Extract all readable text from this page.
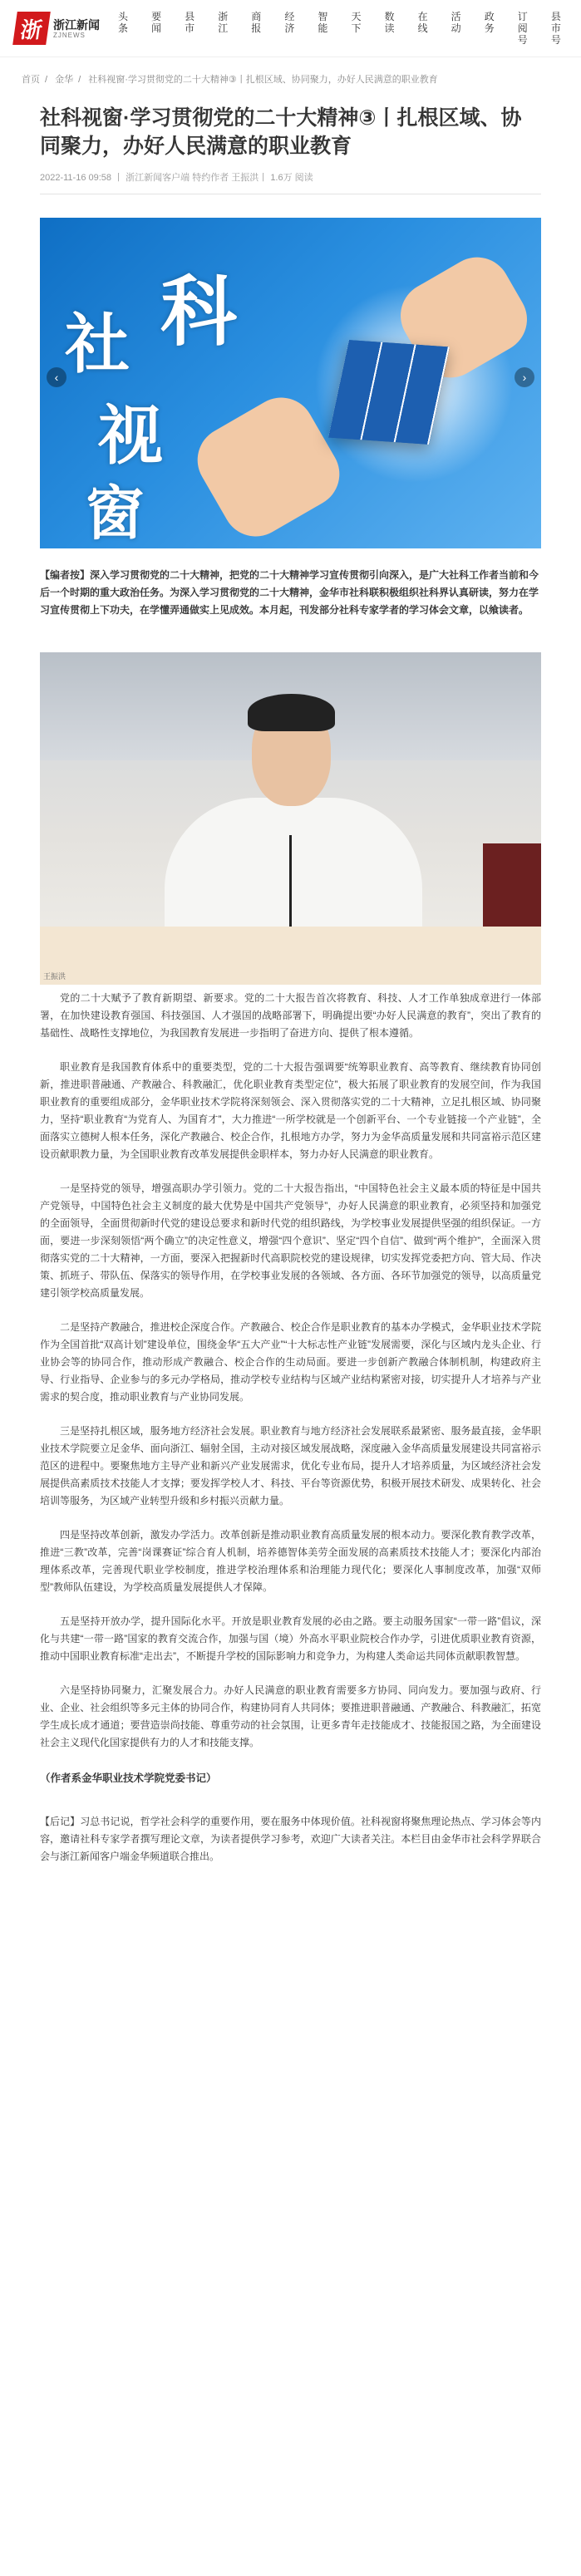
浙 浙江新闻
ZJNEWS
头条
要闻
县市
浙江
商报
经济
智能
天下
数读
在线
活动
政务
订阅号
县市号
首页 / 金华 / 社科视窗·学习贯彻党的二十大精神③丨扎根区域、协同聚力，办好人民满意的职业教育
社科视窗·学习贯彻党的二十大精神③丨扎根区域、协同聚力，办好人民满意的职业教育
2022-11-16 09:58 丨 浙江新闻客户端 特约作者 王振洪丨 1.6万 阅读
社 科
视
窗
‹	›
【编者按】深入学习贯彻党的二十大精神，把党的二十大精神学习宣传贯彻引向深入，是广大社科工作者当前和今后一个时期的重大政治任务。为深入学习贯彻党的二十大精神，金华市社科联积极组织社科界认真研读，努力在学习宣传贯彻上下功夫，在学懂弄通做实上见成效。本月起，刊发部分社科专家学者的学习体会文章，以飨读者。
王振洪
党的二十大赋予了教育新期望、新要求。党的二十大报告首次将教育、科技、人才工作单独成章进行一体部署，在加快建设教育强国、科技强国、人才强国的战略部署下，明确提出要“办好人民满意的教育”，突出了教育的基础性、战略性支撑地位，为我国教育发展进一步指明了奋进方向、提供了根本遵循。
职业教育是我国教育体系中的重要类型，党的二十大报告强调要“统筹职业教育、高等教育、继续教育协同创新，推进职普融通、产教融合、科教融汇，优化职业教育类型定位”，极大拓展了职业教育的发展空间，作为我国职业教育的重要组成部分，金华职业技术学院将深刻领会、深入贯彻落实党的二十大精神，立足扎根区域、协同聚力，坚持“职业教育“为党育人、为国育才”，大力推进“一所学校就是一个创新平台、一个专业链接一个产业链”，全面落实立德树人根本任务，深化产教融合、校企合作，扎根地方办学，努力为金华高质量发展和共同富裕示范区建设贡献职教力量，为全国职业教育改革发展提供金职样本，努力办好人民满意的职业教育。
一是坚持党的领导，增强高职办学引领力。党的二十大报告指出，“中国特色社会主义最本质的特征是中国共产党领导，中国特色社会主义制度的最大优势是中国共产党领导”，办好人民满意的职业教育，必须坚持和加强党的全面领导，全面贯彻新时代党的建设总要求和新时代党的组织路线，为学校事业发展提供坚强的组织保证。一方面，要进一步深刻领悟“两个确立”的决定性意义，增强“四个意识”、坚定“四个自信”、做到“两个维护”，全面深入贯彻落实党的二十大精神，一方面，要深入把握新时代高职院校党的建设规律，切实发挥党委把方向、管大局、作决策、抓班子、带队伍、保落实的领导作用，在学校事业发展的各领域、各方面、各环节加强党的领导，以高质量党建引领学校高质量发展。
二是坚持产教融合，推进校企深度合作。产教融合、校企合作是职业教育的基本办学模式，金华职业技术学院作为全国首批“双高计划”建设单位，围绕金华“五大产业”“十大标志性产业链”发展需要，深化与区域内龙头企业、行业协会等的协同合作，推动形成产教融合、校企合作的生动局面。要进一步创新产教融合体制机制，构建政府主导、行业指导、企业参与的多元办学格局，推动学校专业结构与区域产业结构紧密对接，切实提升人才培养与产业需求的契合度，推动职业教育与产业协同发展。
三是坚持扎根区域，服务地方经济社会发展。职业教育与地方经济社会发展联系最紧密、服务最直接，金华职业技术学院要立足金华、面向浙江、辐射全国，主动对接区域发展战略，深度融入金华高质量发展建设共同富裕示范区的进程中。要聚焦地方主导产业和新兴产业发展需求，优化专业布局，提升人才培养质量，为区域经济社会发展提供高素质技术技能人才支撑；要发挥学校人才、科技、平台等资源优势，积极开展技术研发、成果转化、社会培训等服务，为区域产业转型升级和乡村振兴贡献力量。
四是坚持改革创新，激发办学活力。改革创新是推动职业教育高质量发展的根本动力。要深化教育教学改革，推进“三教”改革，完善“岗课赛证”综合育人机制，培养德智体美劳全面发展的高素质技术技能人才；要深化内部治理体系改革，完善现代职业学校制度，推进学校治理体系和治理能力现代化；要深化人事制度改革，加强“双师型”教师队伍建设，为学校高质量发展提供人才保障。
五是坚持开放办学，提升国际化水平。开放是职业教育发展的必由之路。要主动服务国家“一带一路”倡议，深化与共建“一带一路”国家的教育交流合作，加强与国（境）外高水平职业院校合作办学，引进优质职业教育资源，推动中国职业教育标准“走出去”，不断提升学校的国际影响力和竞争力，为构建人类命运共同体贡献职教智慧。
六是坚持协同聚力，汇聚发展合力。办好人民满意的职业教育需要多方协同、同向发力。要加强与政府、行业、企业、社会组织等多元主体的协同合作，构建协同育人共同体；要推进职普融通、产教融合、科教融汇，拓宽学生成长成才通道；要营造崇尚技能、尊重劳动的社会氛围，让更多青年走技能成才、技能报国之路，为全面建设社会主义现代化国家提供有力的人才和技能支撑。
（作者系金华职业技术学院党委书记）
【后记】习总书记说，哲学社会科学的重要作用，要在服务中体现价值。社科视窗将聚焦理论热点、学习体会等内容，邀请社科专家学者撰写理论文章，为读者提供学习参考，欢迎广大读者关注。本栏目由金华市社会科学界联合会与浙江新闻客户端金华频道联合推出。
